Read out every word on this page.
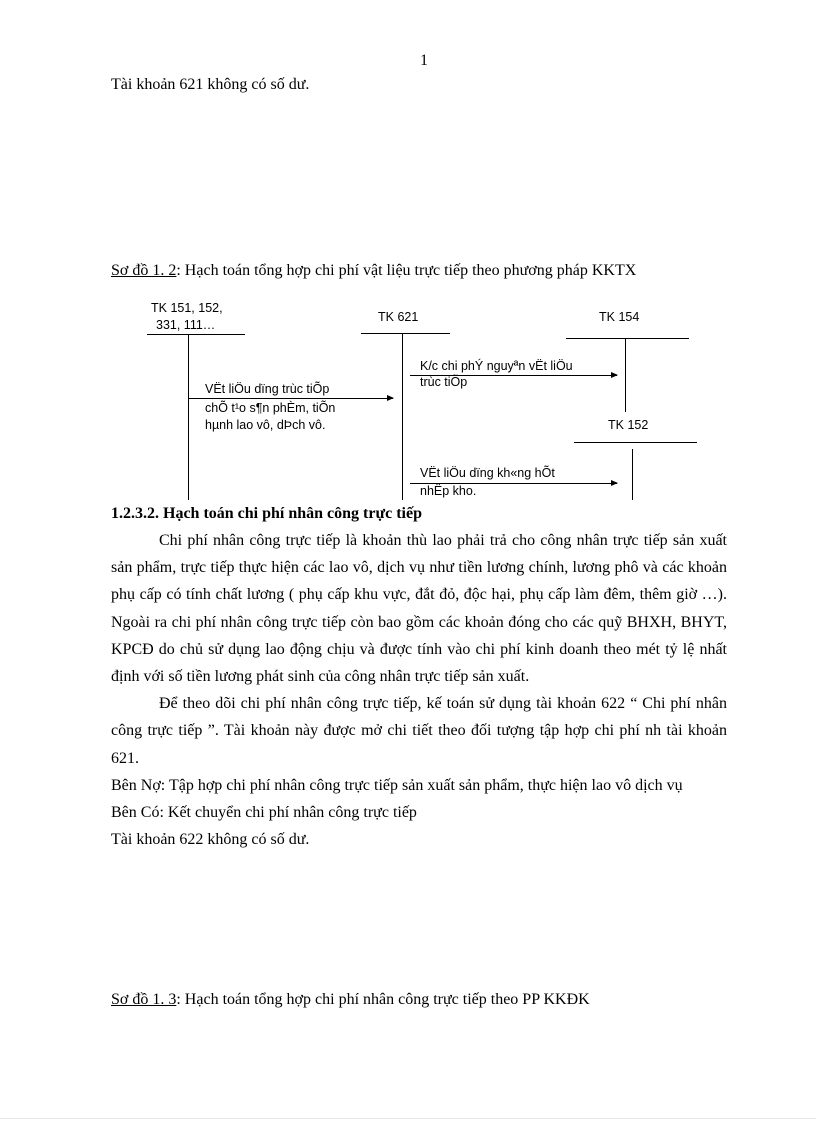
1
Tài khoản 621 không có số dư.
Sơ đồ 1. 2: Hạch toán tổng hợp chi phí vật liệu trực tiếp theo phương pháp KKTX
TK 151, 152,
331, 111…
TK 621	TK 154
TK 152
VËt liÖu dïng trùc tiÕp
chÕ t¹o s¶n phÈm, tiÕn
hµnh lao vô, dÞch vô.
K/c chi phÝ nguyªn vËt liÖu
trùc tiÕp
VËt liÖu dïng kh«ng hÕt
nhËp kho.
1.2.3.2. Hạch toán chi phí nhân công trực tiếp

Chi phí nhân công trực tiếp là khoản thù lao phải trả cho công nhân trực tiếp sản xuất sản phẩm, trực tiếp thực hiện các lao vô, dịch vụ như tiền lương chính, lương phô và các khoản phụ cấp có tính chất lương ( phụ cấp khu vực, đắt đỏ, độc hại, phụ cấp làm đêm, thêm giờ …). Ngoài ra chi phí nhân công trực tiếp còn bao gồm các khoản đóng cho các quỹ BHXH, BHYT, KPCĐ do chủ sử dụng lao động chịu và được tính vào chi phí kinh doanh theo mét tỷ lệ nhất định với số tiền lương phát sinh của công nhân trực tiếp sản xuất.

Để theo dõi chi phí nhân công trực tiếp, kế toán sử dụng tài khoản 622 “ Chi phí nhân công trực tiếp ”. Tài khoản này được mở chi tiết theo đối tượng tập hợp chi phí nh tài khoản 621.

Bên Nợ: Tập hợp chi phí nhân công trực tiếp sản xuất sản phẩm, thực hiện lao vô dịch vụ

Bên Có: Kết chuyển chi phí nhân công trực tiếp

Tài khoản 622 không có số dư.

Sơ đồ 1. 3: Hạch toán tổng hợp chi phí nhân công trực tiếp theo PP KKĐK
